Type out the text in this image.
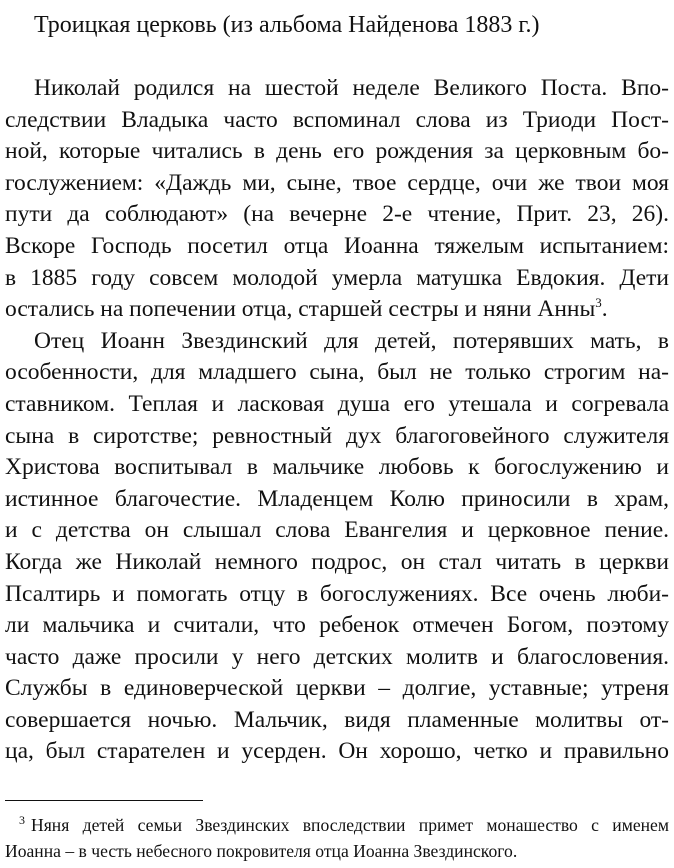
Троицкая церковь (из альбома Найденова 1883 г.)
Николай родился на шестой неделе Великого Поста. Впо-
следствии Владыка часто вспоминал слова из Триоди Пост-
ной, которые читались в день его рождения за церковным бо-
гослужением: «Даждь ми, сыне, твое сердце, очи же твои моя
пути да соблюдают» (на вечерне 2-е чтение, Прит. 23, 26).
Вскоре Господь посетил отца Иоанна тяжелым испытанием:
в 1885 году совсем молодой умерла матушка Евдокия. Дети
остались на попечении отца, старшей сестры и няни Анны$^3$.
Отец Иоанн Звездинский для детей, потерявших мать, в
особенности, для младшего сына, был не только строгим на-
ставником. Теплая и ласковая душа его утешала и согревала
сына в сиротстве; ревностный дух благоговейного служителя
Христова воспитывал в мальчике любовь к богослужению и
истинное благочестие. Младенцем Колю приносили в храм,
и с детства он слышал слова Евангелия и церковное пение.
Когда же Николай немного подрос, он стал читать в церкви
Псалтирь и помогать отцу в богослужениях. Все очень люби-
ли мальчика и считали, что ребенок отмечен Богом, поэтому
часто даже просили у него детских молитв и благословения.
Службы в единоверческой церкви – долгие, уставные; утреня
совершается ночью. Мальчик, видя пламенные молитвы от-
ца, был старателен и усерден. Он хорошо, четко и правильно
$^3$ Няня детей семьи Звездинских впоследствии примет монашество с именем
Иоанна – в честь небесного покровителя отца Иоанна Звездинского.
